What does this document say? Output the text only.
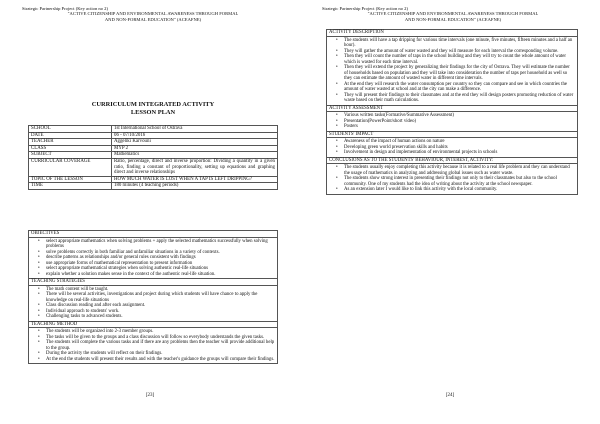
Strategic Partnership Project (Key action no 2)
"ACTIVE CITIZENSHIP AND ENVIRONMENTAL AWARENESS THROUGH FORMAL
AND NON-FORMAL EDUCATION" (ACEAFNE)
CURRICULUM INTEGRATED ACTIVITY
LESSON PLAN
SCHOOL	1st International School of Ostrava
DATE	06 - 07/10/2016
TEACHER	Aggeliki Karvouni
CLASS	MYP 2
SUBJECT	Mathematics
CURRICULAR COVERAGE	Ratio, percentage, direct and inverse proportion: Dividing a quantity in a given ratio, finding a constant of proportionality, setting up equations and graphing direct and inverse relationships
TOPIC OF THE LESSON	HOW MUCH WATER IS LOST WHEN A TAP IS LEFT DRIPPING?
TIME	180 minutes (4 teaching periods)
OBJECTIVES
• select appropriate mathematics when solving problems + apply the selected mathematics successfully when solving problems
• solve problems correctly in both familiar and unfamiliar situations in a variety of contexts.
• describe patterns as relationships and/or general rules consistent with findings
• use appropriate forms of mathematical representation to present information
• select appropriate mathematical strategies when solving authentic real-life situations
• explain whether a solution makes sense in the context of the authentic real-life situation.
TEACHING STRATEGIES
• The math content will be taught.
• There will be several activities, investigations and project during which students will have chance to apply the knowledge on real-life situations
• Class discussion reading and after each assignment.
• Individual approach to students' work.
• Challenging tasks to advanced students.
TEACHING METHOD
• The students will be organized into 2-3 member groups.
• The tasks will be given to the groups and a class discussion will follow so everybody understands the given tasks.
• The students will complete the various tasks and if there are any problems then the teacher will provide additional help to the group.
• During the activity the students will reflect on their findings.
• At the end the students will present their results and with the teacher's guidance the groups will compare their findings.
[23]
Strategic Partnership Project (Key action no 2)
"ACTIVE CITIZENSHIP AND ENVIRONMENTAL AWARENESS THROUGH FORMAL
AND NON-FORMAL EDUCATION" (ACEAFNE)
ACTIVITY DESCRIPTION
• The students will have a tap dripping for various time intervals (one minute, five minutes, fifteen minutes and a half an hour).
• They will gather the amount of water wasted and they will measure for each interval the corresponding volume.
• Then they will count the number of taps in the school building and they will try to count the whole amount of water which is wasted for each time interval.
• Then they will extend the project by generalizing their findings for the city of Ostrava. They will estimate the number of households based on population and they will take into consideration the number of taps per household as well so they can estimate the amount of wasted water in different time intervals.
• At the end they will research the water consumption per country so they can compare and see in which countries the amount of water wasted at school and at the city can make a difference.
• They will present their findings to their classmates and at the end they will design posters promoting reduction of water waste based on their math calculations.
ACTIVITY ASSESSMENT
• Various written tasks(Formative/Summative Assessment)
• Presentation(PowerPoint/short video)
• Posters
STUDENTS' IMPACT
• Awareness of the impact of human actions on nature
• Developing green world preservation skills and habits
• Involvement in design and implementation of environmental projects in schools
CONCLUSIONS AS TO THE STUDENTS' BEHAVIOUR, INTEREST, ACTIVITY:
• The students usually enjoy completing this activity because it is related to a real life problem and they can understand the usage of mathematics in analyzing and addressing global issues such as water waste.
• The students show strong interest in presenting their findings not only to their classmates but also to the school community. One of my students had the idea of writing about the activity at the school newspaper.
• As an extension later I would like to link this activity with the local community.
[24]
